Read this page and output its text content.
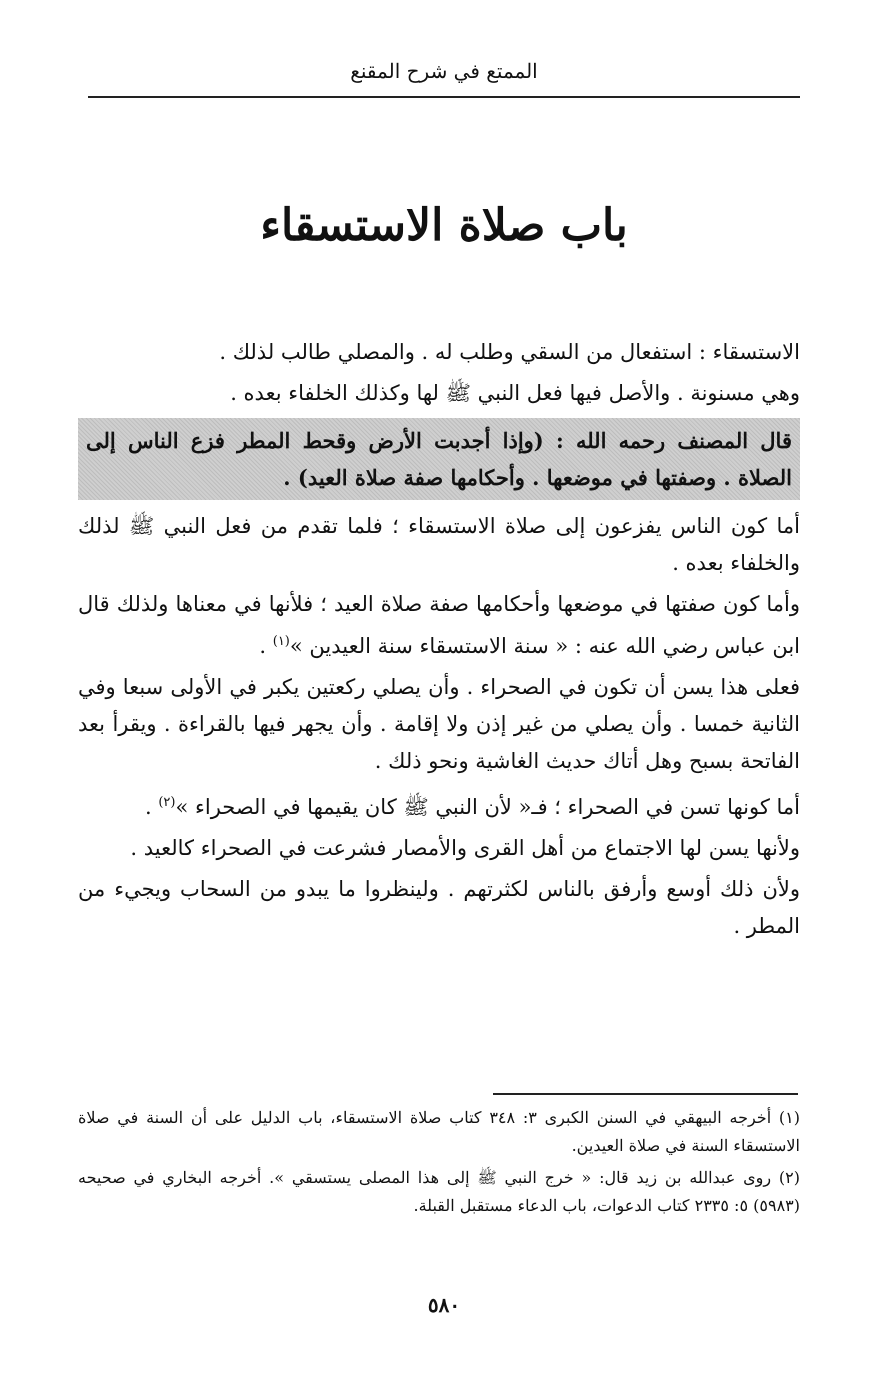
الممتع في شرح المقنع
باب صلاة الاستسقاء

الاستسقاء : استفعال من السقي وطلب له . والمصلي طالب لذلك .

وهي مسنونة . والأصل فيها فعل النبي ﷺ لها وكذلك الخلفاء بعده .

قال المصنف رحمه الله : (وإذا أجدبت الأرض وقحط المطر فزع الناس إلى الصلاة . وصفتها في موضعها . وأحكامها صفة صلاة العيد) .

أما كون الناس يفزعون إلى صلاة الاستسقاء ؛ فلما تقدم من فعل النبي ﷺ لذلك والخلفاء بعده .

وأما كون صفتها في موضعها وأحكامها صفة صلاة العيد ؛ فلأنها في معناها ولذلك قال ابن عباس رضي الله عنه : « سنة الاستسقاء سنة العيدين »$^{(١)}$ .

فعلى هذا يسن أن تكون في الصحراء . وأن يصلي ركعتين يكبر في الأولى سبعا وفي الثانية خمسا . وأن يصلي من غير إذن ولا إقامة . وأن يجهر فيها بالقراءة . ويقرأ بعد الفاتحة بسبح وهل أتاك حديث الغاشية ونحو ذلك .

أما كونها تسن في الصحراء ؛ فـ« لأن النبي ﷺ كان يقيمها في الصحراء »$^{(٢)}$ .

ولأنها يسن لها الاجتماع من أهل القرى والأمصار فشرعت في الصحراء كالعيد .

ولأن ذلك أوسع وأرفق بالناس لكثرتهم . ولينظروا ما يبدو من السحاب ويجيء من المطر .

(١) أخرجه البيهقي في السنن الكبرى ٣: ٣٤٨ كتاب صلاة الاستسقاء، باب الدليل على أن السنة في صلاة الاستسقاء السنة في صلاة العيدين.

(٢) روى عبدالله بن زيد قال: « خرج النبي ﷺ إلى هذا المصلى يستسقي ». أخرجه البخاري في صحيحه (٥٩٨٣) ٥: ٢٣٣٥ كتاب الدعوات، باب الدعاء مستقبل القبلة.

٥٨٠
